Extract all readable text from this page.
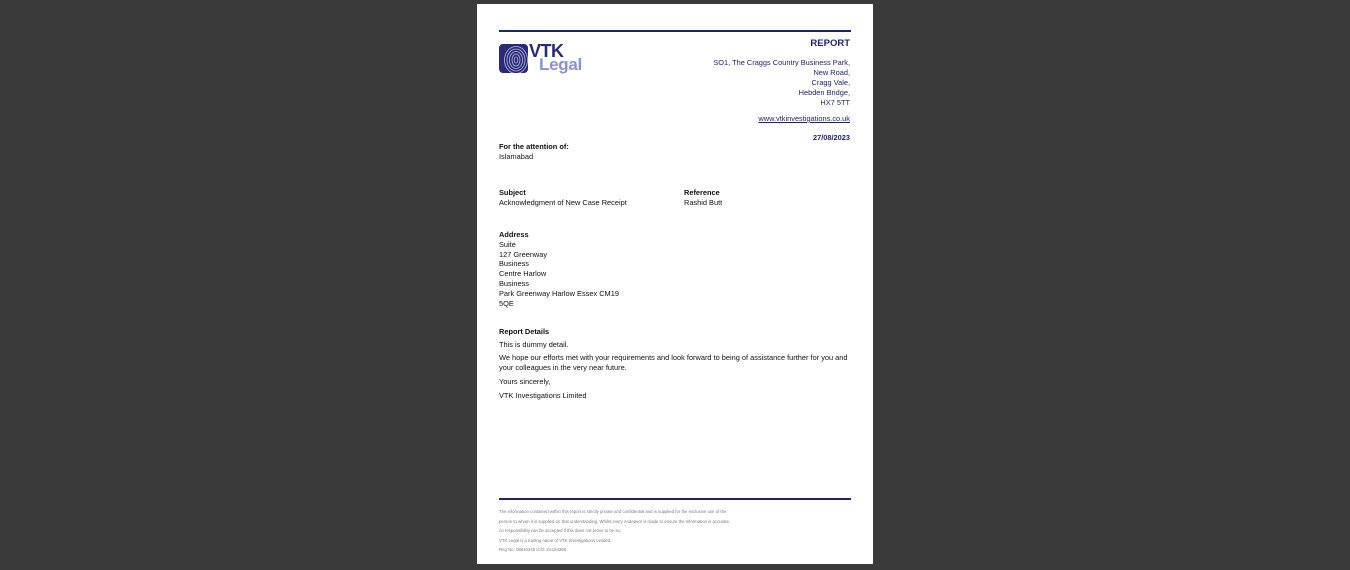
VTK
Legal
REPORT
SO1, The Craggs Country Business Park,
New Road,
Cragg Vale,
Hebden Bridge,
HX7 5TT
www.vtkinvestigations.co.uk
27/08/2023
For the attention of:
Islamabad
Subject
Acknowledgment of New Case Receipt
Reference
Rashid Butt
Address
Suite
127 Greenway
Business
Centre Harlow
Business
Park Greenway Harlow Essex CM19
5QE
Report Details
This is dummy detail.
We hope our efforts met with your requirements and look forward to being of assistance further for you and your colleagues in the very near future.
Yours sincerely,
VTK Investigations Limited
The information contained within this report is strictly private and confidential and is supplied for the exclusive use of the
person to whom it is supplied on that understanding. Whilst every endeavor is made to ensure the information is accurate,
no responsibility can be accepted if this does not prove to be so.
VTK Legal is a trading name of VTK Investigations Limited.
Reg No: 08610249 ICO: ZA194360
